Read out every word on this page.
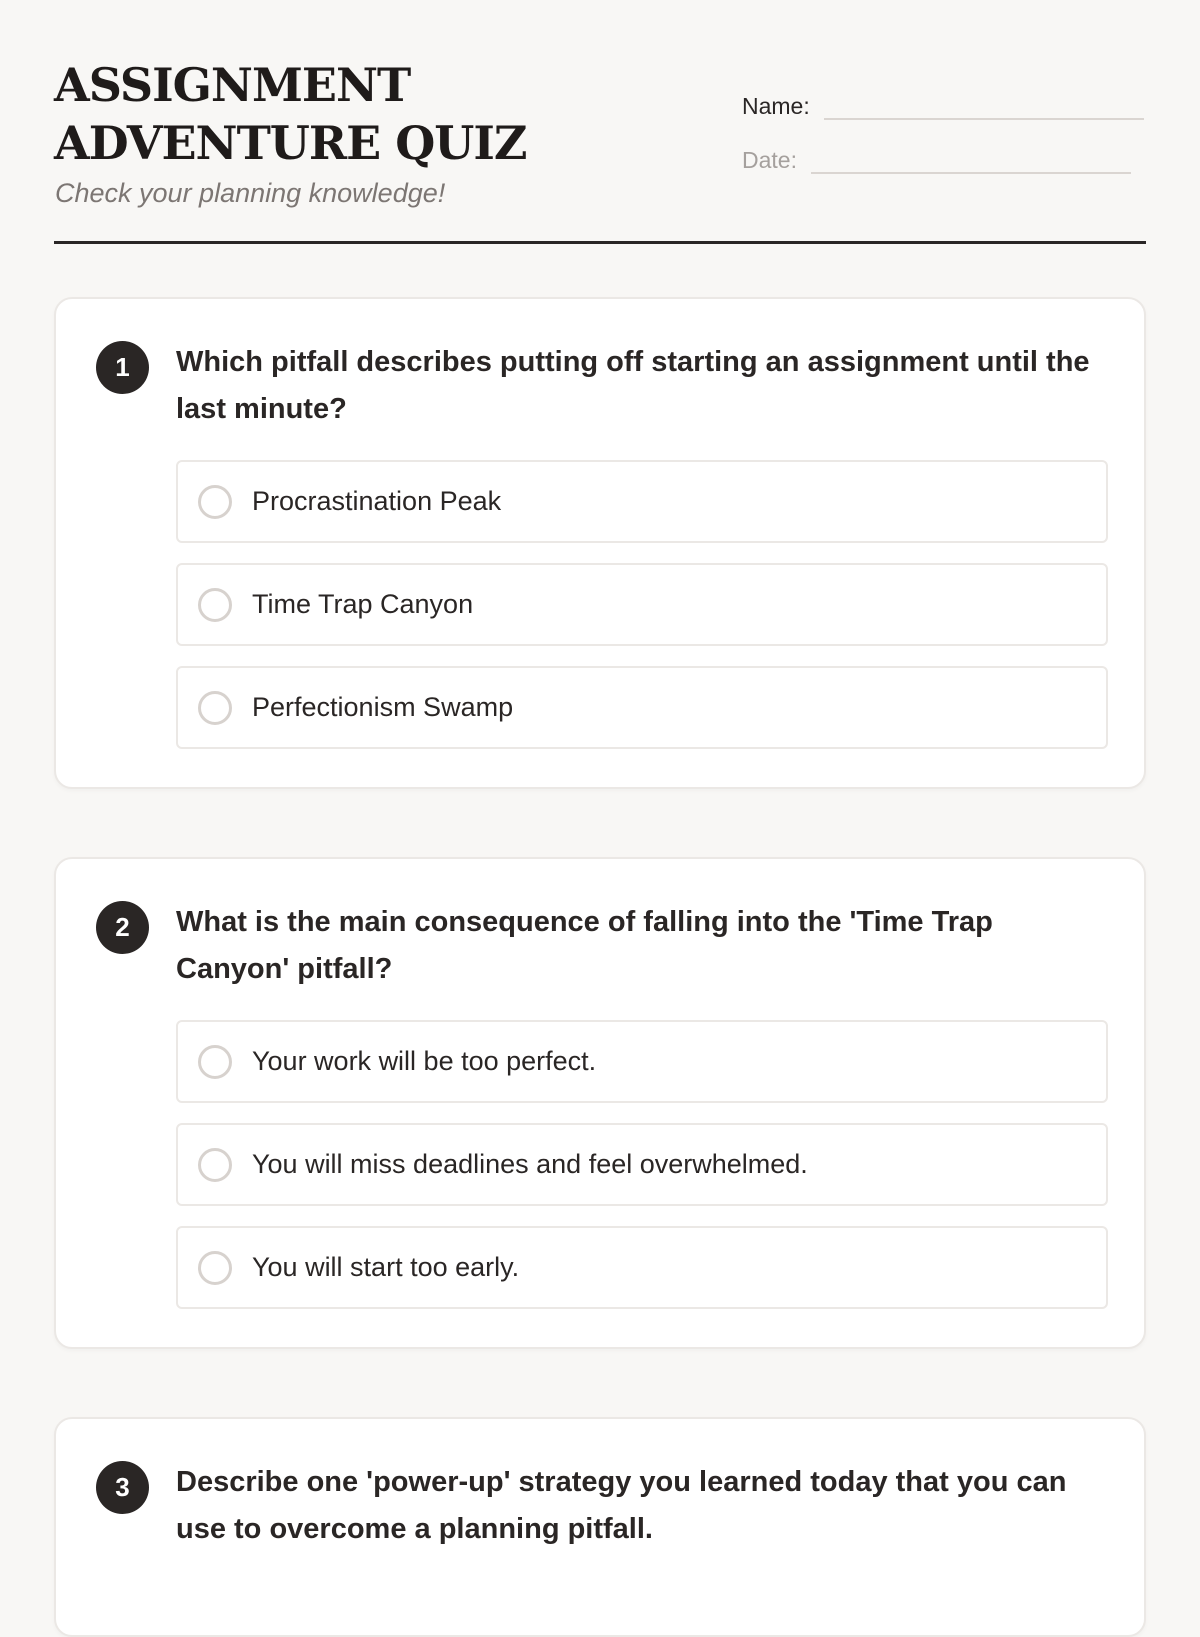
ASSIGNMENT ADVENTURE QUIZ
Check your planning knowledge!
Name:
Date:
1	Which pitfall describes putting off starting an assignment until the last minute?
Procrastination Peak
Time Trap Canyon
Perfectionism Swamp
2	What is the main consequence of falling into the 'Time Trap Canyon' pitfall?
Your work will be too perfect.
You will miss deadlines and feel overwhelmed.
You will start too early.
3	Describe one 'power-up' strategy you learned today that you can use to overcome a planning pitfall.
